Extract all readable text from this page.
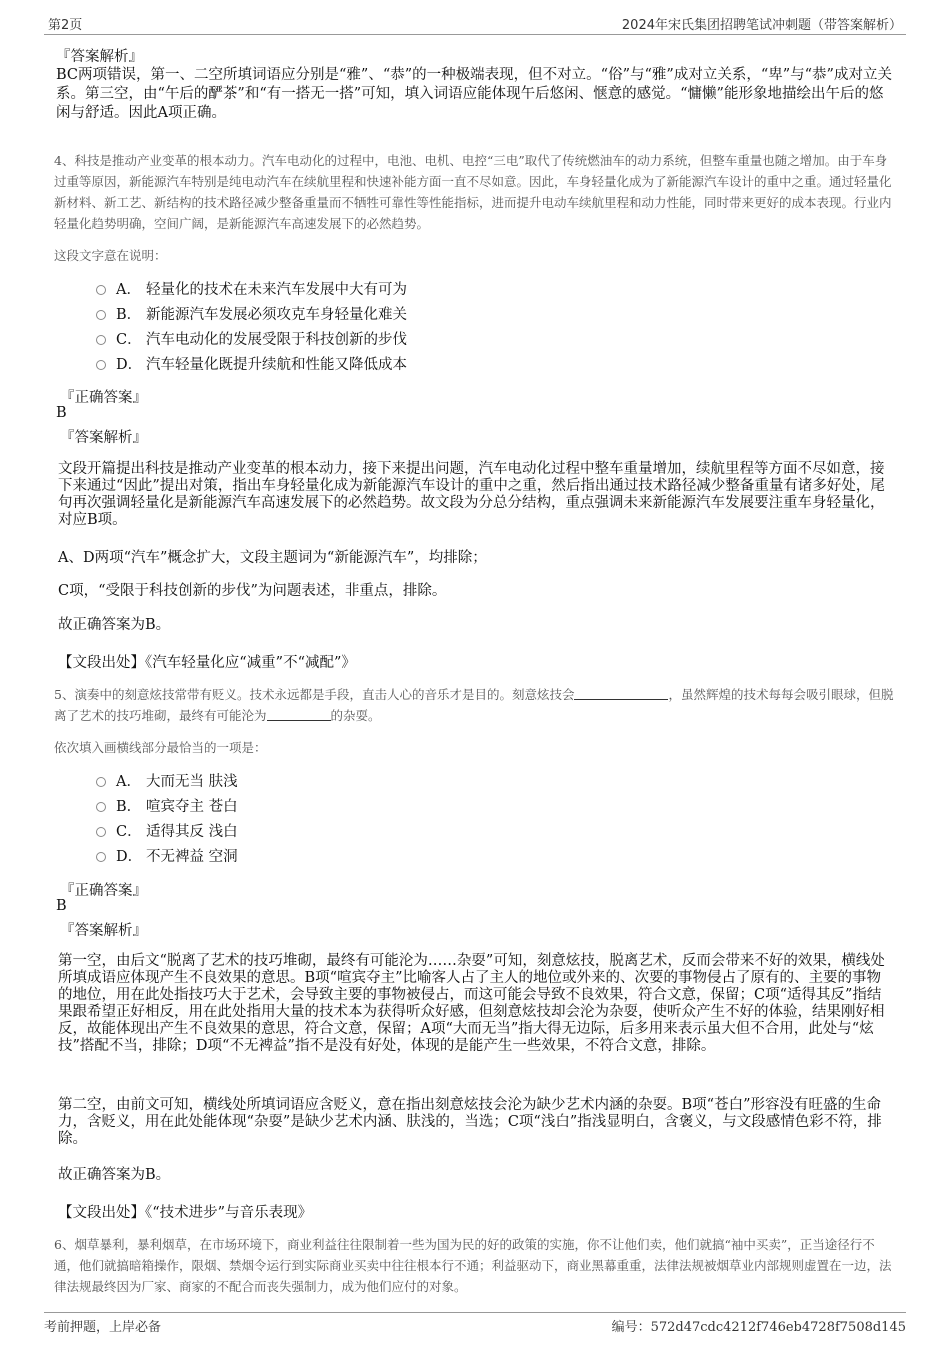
第2页	2024年宋氏集团招聘笔试冲刺题（带答案解析）
『答案解析』
BC两项错误，第一、二空所填词语应分别是“雅”、“恭”的一种极端表现，但不对立。“俗”与“雅”成对立关系，“卑”与“恭”成对立关系。第三空，由“午后的酽茶”和“有一搭无一搭”可知，填入词语应能体现午后悠闲、惬意的感觉。“慵懒”能形象地描绘出午后的悠闲与舒适。因此A项正确。
4、科技是推动产业变革的根本动力。汽车电动化的过程中，电池、电机、电控“三电”取代了传统燃油车的动力系统，但整车重量也随之增加。由于车身过重等原因，新能源汽车特别是纯电动汽车在续航里程和快速补能方面一直不尽如意。因此，车身轻量化成为了新能源汽车设计的重中之重。通过轻量化新材料、新工艺、新结构的技术路径减少整备重量而不牺牲可靠性等性能指标，进而提升电动车续航里程和动力性能，同时带来更好的成本表现。行业内轻量化趋势明确，空间广阔，是新能源汽车高速发展下的必然趋势。
这段文字意在说明：
A． 轻量化的技术在未来汽车发展中大有可为
B． 新能源汽车发展必须攻克车身轻量化难关
C． 汽车电动化的发展受限于科技创新的步伐
D． 汽车轻量化既提升续航和性能又降低成本
『正确答案』
B
『答案解析』
文段开篇提出科技是推动产业变革的根本动力，接下来提出问题，汽车电动化过程中整车重量增加，续航里程等方面不尽如意，接下来通过“因此”提出对策，指出车身轻量化成为新能源汽车设计的重中之重，然后指出通过技术路径减少整备重量有诸多好处，尾句再次强调轻量化是新能源汽车高速发展下的必然趋势。故文段为分总分结构，重点强调未来新能源汽车发展要注重车身轻量化，对应B项。
A、D两项“汽车”概念扩大，文段主题词为“新能源汽车”，均排除；
C项，“受限于科技创新的步伐”为问题表述，非重点，排除。
故正确答案为B。
【文段出处】《汽车轻量化应“减重”不“减配”》
5、演奏中的刻意炫技常带有贬义。技术永远都是手段，直击人心的音乐才是目的。刻意炫技会	，虽然辉煌的技术每每会吸引眼球，但脱离了艺术的技巧堆砌，最终有可能沦为	的杂耍。
依次填入画横线部分最恰当的一项是：
A． 大而无当 肤浅
B． 喧宾夺主 苍白
C． 适得其反 浅白
D． 不无裨益 空洞
『正确答案』
B
『答案解析』
第一空，由后文“脱离了艺术的技巧堆砌，最终有可能沦为……杂耍”可知，刻意炫技，脱离艺术，反而会带来不好的效果，横线处所填成语应体现产生不良效果的意思。B项“喧宾夺主”比喻客人占了主人的地位或外来的、次要的事物侵占了原有的、主要的事物的地位，用在此处指技巧大于艺术，会导致主要的事物被侵占，而这可能会导致不良效果，符合文意，保留；C项“适得其反”指结果跟希望正好相反，用在此处指用大量的技术本为获得听众好感，但刻意炫技却会沦为杂耍，使听众产生不好的体验，结果刚好相反，故能体现出产生不良效果的意思，符合文意，保留；A项“大而无当”指大得无边际，后多用来表示虽大但不合用，此处与“炫技”搭配不当，排除；D项“不无裨益”指不是没有好处，体现的是能产生一些效果，不符合文意，排除。
第二空，由前文可知，横线处所填词语应含贬义，意在指出刻意炫技会沦为缺少艺术内涵的杂耍。B项“苍白”形容没有旺盛的生命力，含贬义，用在此处能体现“杂耍”是缺少艺术内涵、肤浅的，当选；C项“浅白”指浅显明白，含褒义，与文段感情色彩不符，排除。
故正确答案为B。
【文段出处】《“技术进步”与音乐表现》
6、烟草暴利，暴利烟草，在市场环境下，商业利益往往限制着一些为国为民的好的政策的实施，你不让他们卖，他们就搞“袖中买卖”，正当途径行不通，他们就搞暗箱操作，限烟、禁烟令运行到实际商业买卖中往往根本行不通；利益驱动下，商业黑幕重重，法律法规被烟草业内部规则虚置在一边，法律法规最终因为厂家、商家的不配合而丧失强制力，成为他们应付的对象。
考前押题，上岸必备	编号：572d47cdc4212f746eb4728f7508d145
